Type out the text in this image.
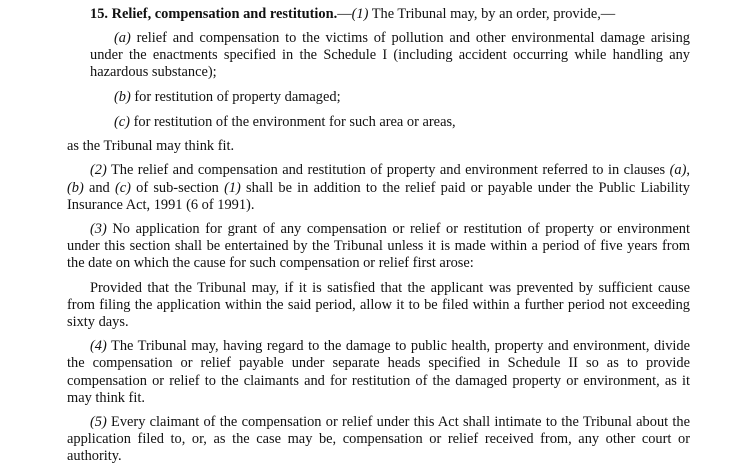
15. Relief, compensation and restitution.—(1) The Tribunal may, by an order, provide,—

(a) relief and compensation to the victims of pollution and other environmental damage arising under the enactments specified in the Schedule I (including accident occurring while handling any hazardous substance);

(b) for restitution of property damaged;

(c) for restitution of the environment for such area or areas,

as the Tribunal may think fit.

(2) The relief and compensation and restitution of property and environment referred to in clauses (a), (b) and (c) of sub-section (1) shall be in addition to the relief paid or payable under the Public Liability Insurance Act, 1991 (6 of 1991).

(3) No application for grant of any compensation or relief or restitution of property or environment under this section shall be entertained by the Tribunal unless it is made within a period of five years from the date on which the cause for such compensation or relief first arose:

Provided that the Tribunal may, if it is satisfied that the applicant was prevented by sufficient cause from filing the application within the said period, allow it to be filed within a further period not exceeding sixty days.

(4) The Tribunal may, having regard to the damage to public health, property and environment, divide the compensation or relief payable under separate heads specified in Schedule II so as to provide compensation or relief to the claimants and for restitution of the damaged property or environment, as it may think fit.

(5) Every claimant of the compensation or relief under this Act shall intimate to the Tribunal about the application filed to, or, as the case may be, compensation or relief received from, any other court or authority.
